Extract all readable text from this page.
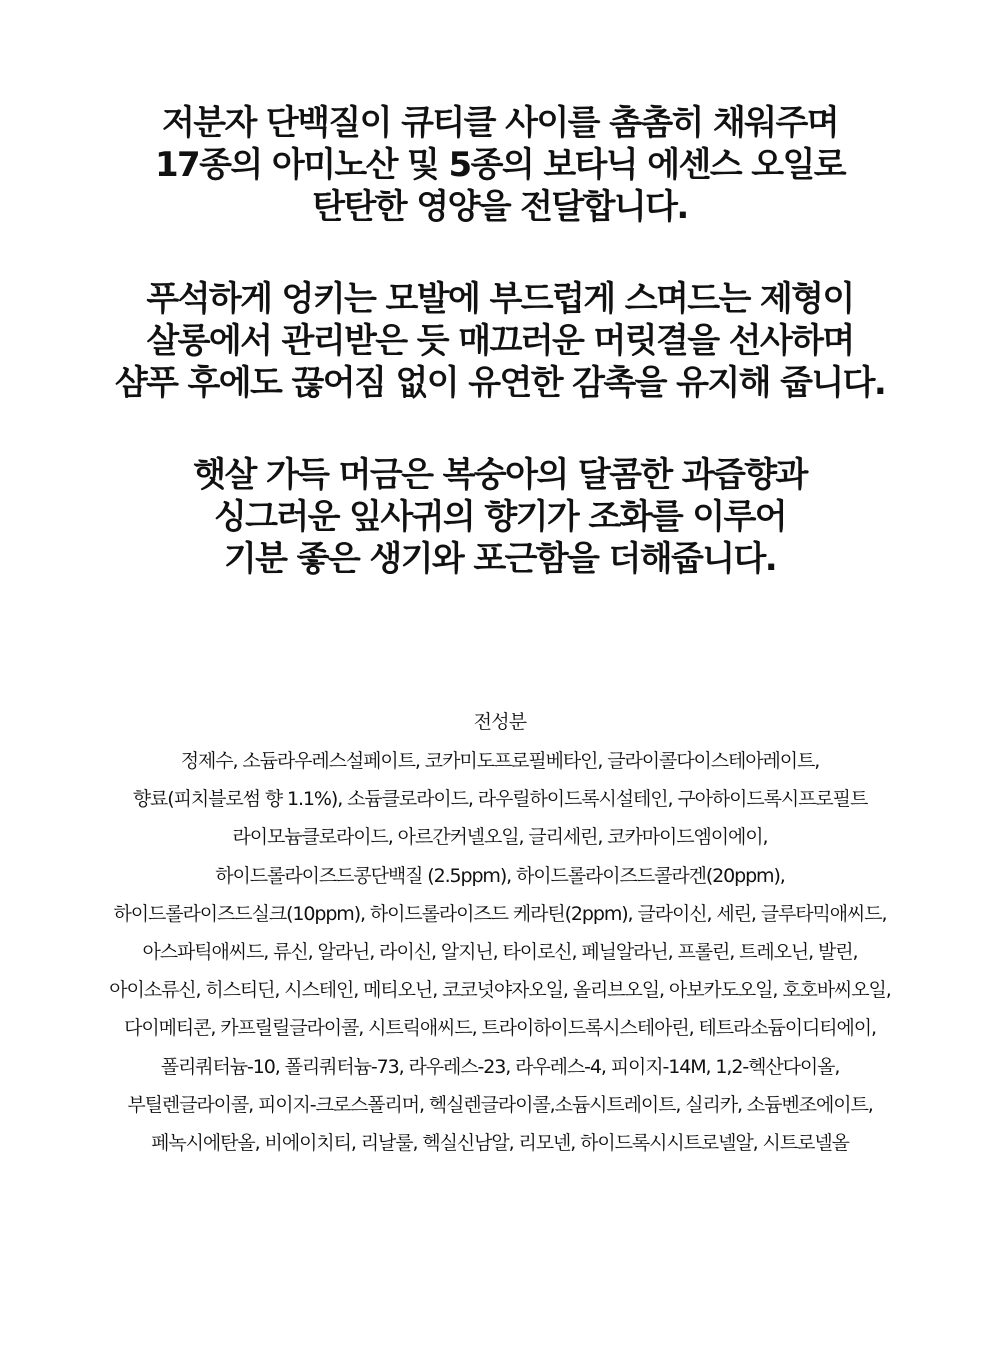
저분자 단백질이 큐티클 사이를 촘촘히 채워주며
17종의 아미노산 및 5종의 보타닉 에센스 오일로
탄탄한 영양을 전달합니다.
푸석하게 엉키는 모발에 부드럽게 스며드는 제형이
살롱에서 관리받은 듯 매끄러운 머릿결을 선사하며
샴푸 후에도 끊어짐 없이 유연한 감촉을 유지해 줍니다.
햇살 가득 머금은 복숭아의 달콤한 과즙향과
싱그러운 잎사귀의 향기가 조화를 이루어
기분 좋은 생기와 포근함을 더해줍니다.
전성분
정제수, 소듐라우레스설페이트, 코카미도프로필베타인, 글라이콜다이스테아레이트,
향료(피치블로썸 향 1.1%), 소듐클로라이드, 라우릴하이드록시설테인, 구아하이드록시프로필트
라이모늄클로라이드, 아르간커넬오일, 글리세린, 코카마이드엠이에이,
하이드롤라이즈드콩단백질 (2.5ppm), 하이드롤라이즈드콜라겐(20ppm),
하이드롤라이즈드실크(10ppm), 하이드롤라이즈드 케라틴(2ppm), 글라이신, 세린, 글루타믹애씨드,
아스파틱애씨드, 류신, 알라닌, 라이신, 알지닌, 타이로신, 페닐알라닌, 프롤린, 트레오닌, 발린,
아이소류신, 히스티딘, 시스테인, 메티오닌, 코코넛야자오일, 올리브오일, 아보카도오일, 호호바씨오일,
다이메티콘, 카프릴릴글라이콜, 시트릭애씨드, 트라이하이드록시스테아린, 테트라소듐이디티에이,
폴리쿼터늄-10, 폴리쿼터늄-73, 라우레스-23, 라우레스-4, 피이지-14M, 1,2-헥산다이올,
부틸렌글라이콜, 피이지-크로스폴리머, 헥실렌글라이콜,소듐시트레이트, 실리카, 소듐벤조에이트,
페녹시에탄올, 비에이치티, 리날룰, 헥실신남알, 리모넨, 하이드록시시트로넬알, 시트로넬올
